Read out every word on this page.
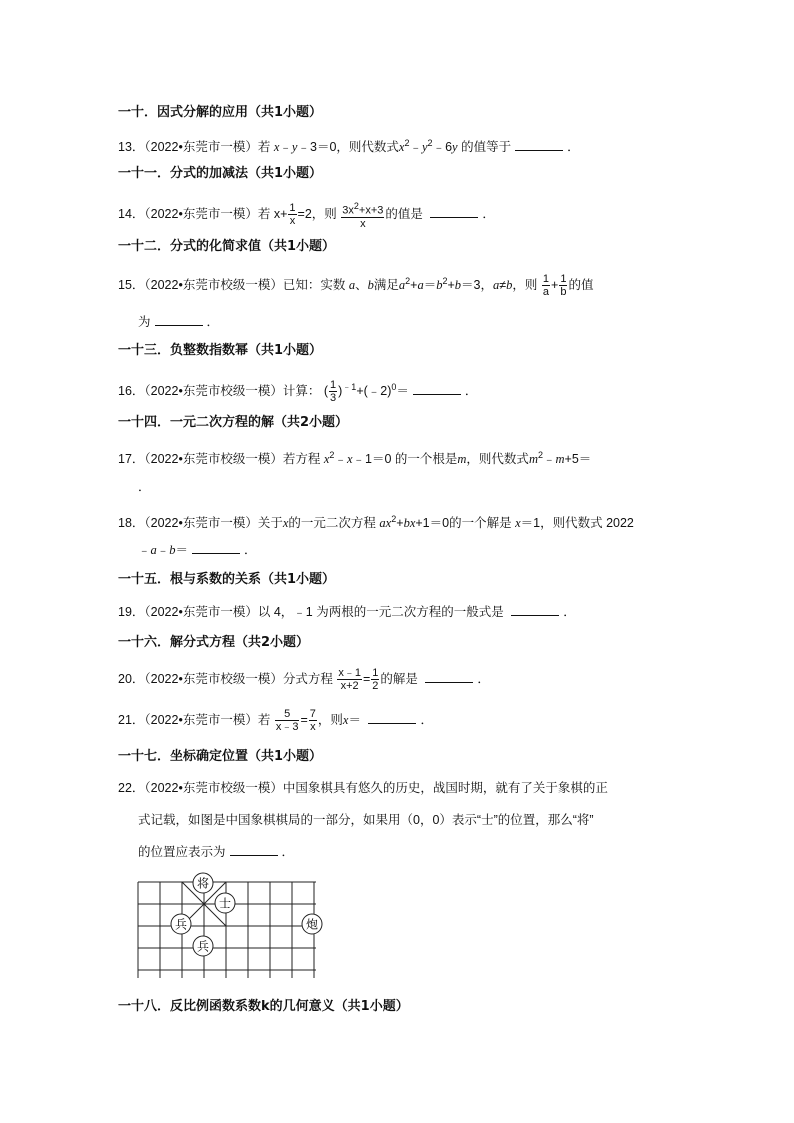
一十．因式分解的应用（共1小题）
13．（2022•东莞市一模）若 x﹣y﹣3＝0，则代数式$x^2﹣y^2﹣6y$ 的值等于	．
一十一．分式的加减法（共1小题）
14．（2022•东莞市一模）若 $x+ \frac{1}{x} =2$，则 $\frac{3x^2+x+3}{x}$ 的值是	．
一十二．分式的化简求值（共1小题）
15．（2022•东莞市校级一模）已知：实数 a、b满足$a^2+a=b^2+b=3$，a≠b，则 $\frac{1}{a} + \frac{1}{b}$ 的值
为	．
一十三．负整数指数幂（共1小题）
16．（2022•东莞市校级一模）计算： ( $\frac{1}{3}$ )$^{﹣1}$+(﹣2)$^0$＝	．
一十四．一元二次方程的解（共2小题）
17．（2022•东莞市校级一模）若方程 $x^2﹣x﹣1=0$ 的一个根是m，则代数式$m^2﹣m+5=$
．
18．（2022•东莞市一模）关于x的一元二次方程 $ax^2+bx+1=0$的一个解是 x＝1，则代数式 2022
﹣a﹣b＝	．
一十五．根与系数的关系（共1小题）
19．（2022•东莞市一模）以 4，﹣1 为两根的一元二次方程的一般式是	．
一十六．解分式方程（共2小题）
20．（2022•东莞市校级一模）分式方程 $\frac{x﹣1}{x+2} = \frac{1}{2}$ 的解是	．
21．（2022•东莞市一模）若 $\frac{5}{x﹣3} = \frac{7}{x}$ ，则x＝	．
一十七．坐标确定位置（共1小题）
22．（2022•东莞市校级一模）中国象棋具有悠久的历史，战国时期，就有了关于象棋的正
式记载，如图是中国象棋棋局的一部分，如果用（0，0）表示“士”的位置，那么“将”
的位置应表示为	．
将
士
兵
兵
炮
一十八．反比例函数系数k的几何意义（共1小题）
